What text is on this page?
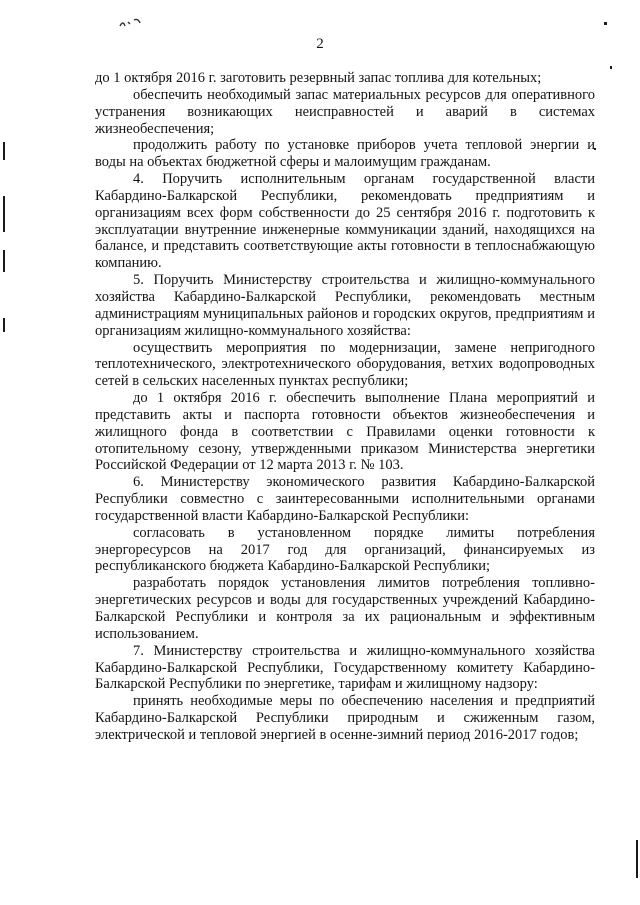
2

до 1 октября 2016 г. заготовить резервный запас топлива для котельных;

обеспечить необходимый запас материальных ресурсов для оперативного устранения возникающих неисправностей и аварий в системах жизнеобеспечения;

продолжить работу по установке приборов учета тепловой энергии и воды на объектах бюджетной сферы и малоимущим гражданам.

4. Поручить исполнительным органам государственной власти Кабардино-Балкарской Республики, рекомендовать предприятиям и организациям всех форм собственности до 25 сентября 2016 г. подготовить к эксплуатации внутренние инженерные коммуникации зданий, находящихся на балансе, и представить соответствующие акты готовности в теплоснабжающую компанию.

5. Поручить Министерству строительства и жилищно-коммунального хозяйства Кабардино-Балкарской Республики, рекомендовать местным администрациям муниципальных районов и городских округов, предприятиям и организациям жилищно-коммунального хозяйства:

осуществить мероприятия по модернизации, замене непригодного теплотехнического, электротехнического оборудования, ветхих водопроводных сетей в сельских населенных пунктах республики;

до 1 октября 2016 г. обеспечить выполнение Плана мероприятий и представить акты и паспорта готовности объектов жизнеобеспечения и жилищного фонда в соответствии с Правилами оценки готовности к отопительному сезону, утвержденными приказом Министерства энергетики Российской Федерации от 12 марта 2013 г. № 103.

6. Министерству экономического развития Кабардино-Балкарской Республики совместно с заинтересованными исполнительными органами государственной власти Кабардино-Балкарской Республики:

согласовать в установленном порядке лимиты потребления энергоресурсов на 2017 год для организаций, финансируемых из республиканского бюджета Кабардино-Балкарской Республики;

разработать порядок установления лимитов потребления топливно-энергетических ресурсов и воды для государственных учреждений Кабардино-Балкарской Республики и контроля за их рациональным и эффективным использованием.

7. Министерству строительства и жилищно-коммунального хозяйства Кабардино-Балкарской Республики, Государственному комитету Кабардино-Балкарской Республики по энергетике, тарифам и жилищному надзору:

принять необходимые меры по обеспечению населения и предприятий Кабардино-Балкарской Республики природным и сжиженным газом, электрической и тепловой энергией в осенне-зимний период 2016-2017 годов;
